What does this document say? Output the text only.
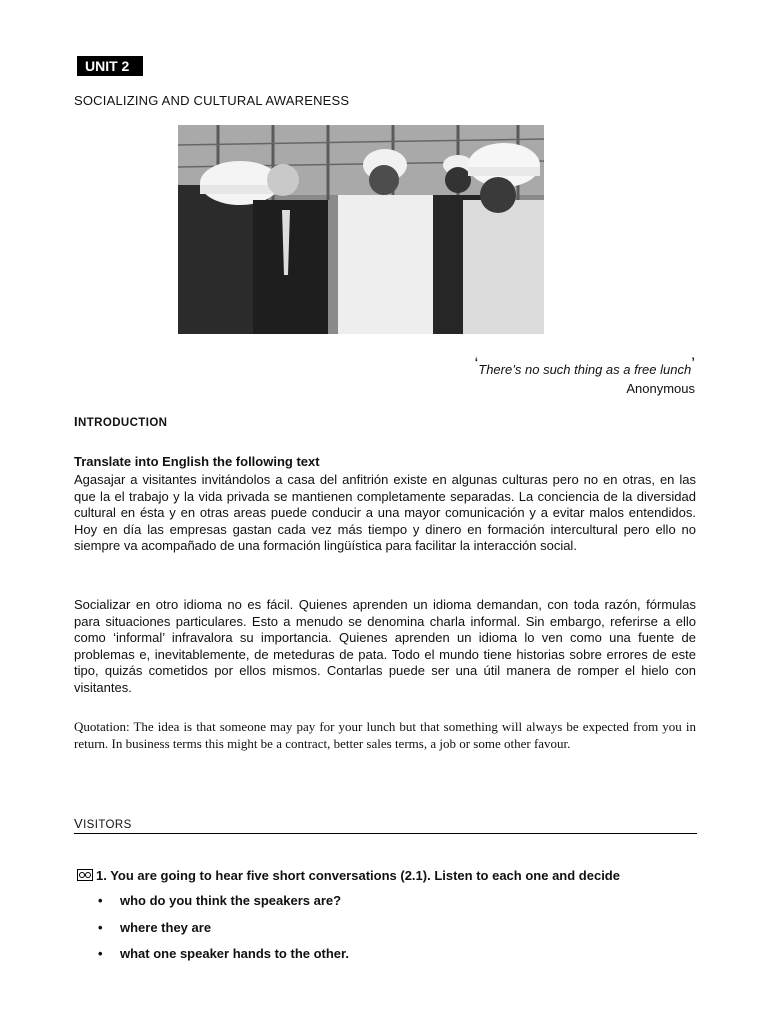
UNIT 2
SOCIALIZING AND CULTURAL AWARENESS
‘There’s no such thing as a free lunch’
Anonymous
INTRODUCTION
Translate into English the following text
Agasajar a visitantes invitándolos a casa del anfitrión existe en algunas culturas pero no en otras, en las que la el trabajo y la vida privada se mantienen completamente separadas. La conciencia de la diversidad cultural en ésta y en otras areas puede conducir a una mayor comunicación y a evitar malos entendidos. Hoy en día las empresas gastan cada vez más tiempo y dinero en formación intercultural pero ello no siempre va acompañado de una formación lingüística para facilitar la interacción social.
Socializar en otro idioma no es fácil. Quienes aprenden un idioma demandan, con toda razón, fórmulas para situaciones particulares. Esto a menudo se denomina charla informal. Sin embargo, referirse a ello como ‘informal’ infravalora su importancia. Quienes aprenden un idioma lo ven como una fuente de problemas e, inevitablemente, de meteduras de pata. Todo el mundo tiene historias sobre errores de este tipo, quizás cometidos por ellos mismos. Contarlas puede ser una útil manera de romper el hielo con visitantes.
Quotation: The idea is that someone may pay for your lunch but that something will always be expected from you in return. In business terms this might be a contract, better sales terms, a job or some other favour.
VISITORS
1. You are going to hear five short conversations (2.1). Listen to each one and decide
• who do you think the speakers are?
• where they are
• what one speaker hands to the other.
